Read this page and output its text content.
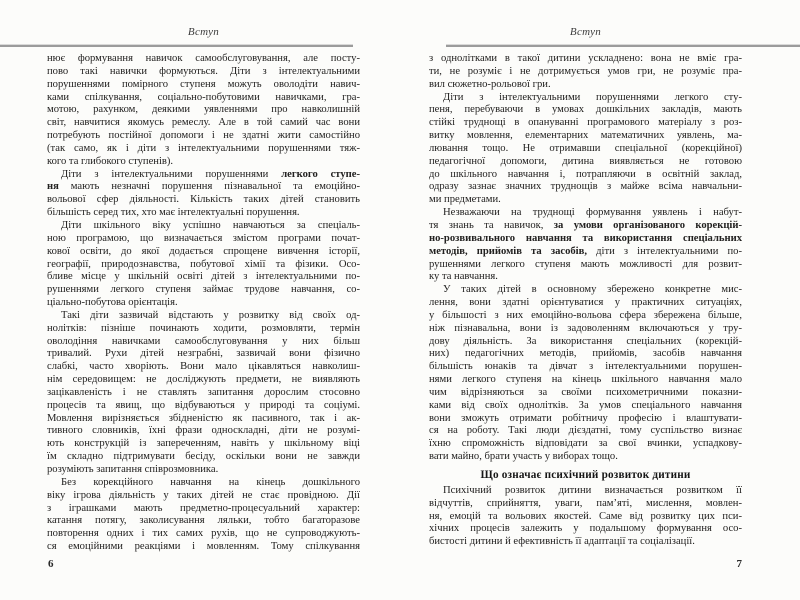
Вступ
нює формування навичок самообслуговування, але посту-
пово такі навички формуються. Діти з інтелектуальними
порушеннями помірного ступеня можуть оволодіти навич-
ками спілкування, соціально-побутовими навичками, гра-
мотою, рахунком, деякими уявленнями про навколишній
світ, навчитися якомусь ремеслу. Але в той самий час вони
потребують постійної допомоги і не здатні жити самостійно
(так само, як і діти з інтелектуальними порушеннями тяж-
кого та глибокого ступенів).
Діти з інтелектуальними порушеннями легкого ступе-
ня мають незначні порушення пізнавальної та емоційно-
вольової сфер діяльності. Кількість таких дітей становить
більшість серед тих, хто має інтелектуальні порушення.
Діти шкільного віку успішно навчаються за спеціаль-
ною програмою, що визначається змістом програми почат-
кової освіти, до якої додається спрощене вивчення історії,
географії, природознавства, побутової хімії та фізики. Осо-
бливе місце у шкільній освіті дітей з інтелектуальними по-
рушеннями легкого ступеня займає трудове навчання, со-
ціально-побутова орієнтація.
Такі діти зазвичай відстають у розвитку від своїх од-
нолітків: пізніше починають ходити, розмовляти, термін
оволодіння навичками самообслуговування у них більш
тривалий. Рухи дітей незграбні, зазвичай вони фізично
слабкі, часто хворіють. Вони мало цікавляться навколиш-
нім середовищем: не досліджують предмети, не виявляють
зацікавленість і не ставлять запитання дорослим стосовно
процесів та явищ, що відбуваються у природі та соціумі.
Мовлення вирізняється збідненістю як пасивного, так і ак-
тивного словників, їхні фрази односкладні, діти не розумі-
ють конструкцій із запереченням, навіть у шкільному віці
їм складно підтримувати бесіду, оскільки вони не завжди
розуміють запитання співрозмовника.
Без корекційного навчання на кінець дошкільного
віку ігрова діяльність у таких дітей не стає провідною. Дії
з іграшками мають предметно-процесуальний характер:
катання потягу, заколисування ляльки, тобто багаторазове
повторення одних і тих самих рухів, що не супроводжують-
ся емоційними реакціями і мовленням. Тому спілкування
6
Вступ
з однолітками в такої дитини ускладнено: вона не вміє гра-
ти, не розуміє і не дотримується умов гри, не розуміє пра-
вил сюжетно-рольової гри.
Діти з інтелектуальними порушеннями легкого сту-
пеня, перебуваючи в умовах дошкільних закладів, мають
стійкі труднощі в опануванні програмового матеріалу з роз-
витку мовлення, елементарних математичних уявлень, ма-
лювання тощо. Не отримавши спеціальної (корекційної)
педагогічної допомоги, дитина виявляється не готовою
до шкільного навчання і, потрапляючи в освітній заклад,
одразу зазнає значних труднощів з майже всіма навчальни-
ми предметами.
Незважаючи на труднощі формування уявлень і набут-
тя знань та навичок, за умови організованого корекцій-
но-розвивального навчання та використання спеціальних
методів, прийомів та засобів, діти з інтелектуальними по-
рушеннями легкого ступеня мають можливості для розвит-
ку та навчання.
У таких дітей в основному збережено конкретне мис-
лення, вони здатні орієнтуватися у практичних ситуаціях,
у більшості з них емоційно-вольова сфера збережена більше,
ніж пізнавальна, вони із задоволенням включаються у тру-
дову діяльність. За використання спеціальних (корекцій-
них) педагогічних методів, прийомів, засобів навчання
більшість юнаків та дівчат з інтелектуальними порушен-
нями легкого ступеня на кінець шкільного навчання мало
чим відрізняються за своїми психометричними показни-
ками від своїх однолітків. За умов спеціального навчання
вони зможуть отримати робітничу професію і влаштувати-
ся на роботу. Такі люди дієздатні, тому суспільство визнає
їхню спроможність відповідати за свої вчинки, успадкову-
вати майно, брати участь у виборах тощо.
Що означає психічний розвиток дитини
Психічний розвиток дитини визначається розвитком її
відчуттів, сприйняття, уваги, пам’яті, мислення, мовлен-
ня, емоцій та вольових якостей. Саме від розвитку цих пси-
хічних процесів залежить у подальшому формування осо-
бистості дитини й ефективність її адаптації та соціалізації.
7
